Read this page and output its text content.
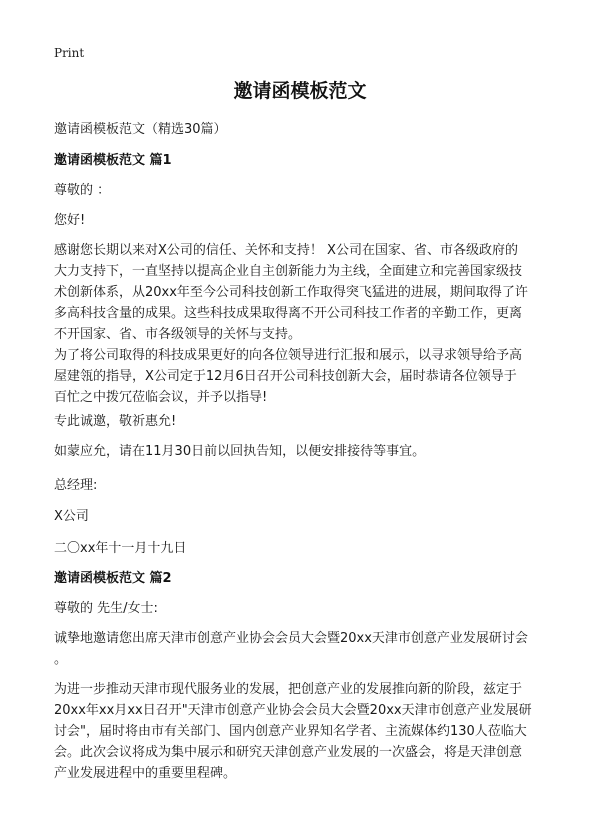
Print
邀请函模板范文
邀请函模板范文（精选30篇）
邀请函模板范文 篇1
尊敬的 ：
您好!
感谢您长期以来对X公司的信任、关怀和支持！ X公司在国家、省、市各级政府的
大力支持下，一直坚持以提高企业自主创新能力为主线，全面建立和完善国家级技
术创新体系，从20xx年至今公司科技创新工作取得突飞猛进的进展，期间取得了许
多高科技含量的成果。这些科技成果取得离不开公司科技工作者的辛勤工作，更离
不开国家、省、市各级领导的关怀与支持。
为了将公司取得的科技成果更好的向各位领导进行汇报和展示，以寻求领导给予高
屋建瓴的指导，X公司定于12月6日召开公司科技创新大会，届时恭请各位领导于
百忙之中拨冗莅临会议，并予以指导!
专此诚邀，敬祈惠允!
如蒙应允，请在11月30日前以回执告知，以便安排接待等事宜。
总经理:
X公司
二〇xx年十一月十九日
邀请函模板范文 篇2
尊敬的 先生/女士:
诚挚地邀请您出席天津市创意产业协会会员大会暨20xx天津市创意产业发展研讨会
。
为进一步推动天津市现代服务业的发展，把创意产业的发展推向新的阶段，兹定于
20xx年xx月xx日召开"天津市创意产业协会会员大会暨20xx天津市创意产业发展研
讨会"，届时将由市有关部门、国内创意产业界知名学者、主流媒体约130人莅临大
会。此次会议将成为集中展示和研究天津创意产业发展的一次盛会，将是天津创意
产业发展进程中的重要里程碑。
